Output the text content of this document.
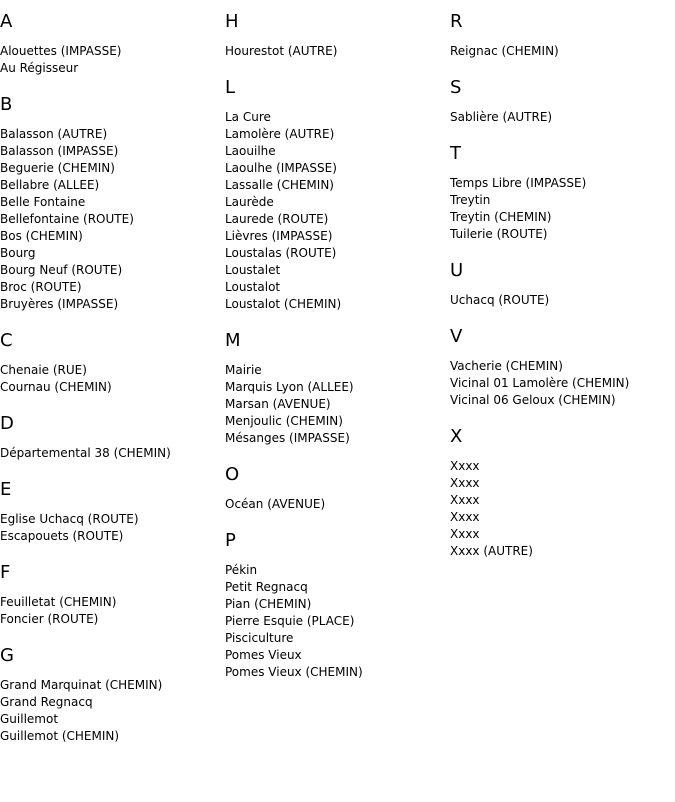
A
Alouettes (IMPASSE)
Au Régisseur
B
Balasson (AUTRE)
Balasson (IMPASSE)
Beguerie (CHEMIN)
Bellabre (ALLEE)
Belle Fontaine
Bellefontaine (ROUTE)
Bos (CHEMIN)
Bourg
Bourg Neuf (ROUTE)
Broc (ROUTE)
Bruyères (IMPASSE)
C
Chenaie (RUE)
Cournau (CHEMIN)
D
Départemental 38 (CHEMIN)
E
Eglise Uchacq (ROUTE)
Escapouets (ROUTE)
F
Feuilletat (CHEMIN)
Foncier (ROUTE)
G
Grand Marquinat (CHEMIN)
Grand Regnacq
Guillemot
Guillemot (CHEMIN)
H
Hourestot (AUTRE)
L
La Cure
Lamolère (AUTRE)
Laouilhe
Laoulhe (IMPASSE)
Lassalle (CHEMIN)
Laurède
Laurede (ROUTE)
Lièvres (IMPASSE)
Loustalas (ROUTE)
Loustalet
Loustalot
Loustalot (CHEMIN)
M
Mairie
Marquis Lyon (ALLEE)
Marsan (AVENUE)
Menjoulic (CHEMIN)
Mésanges (IMPASSE)
O
Océan (AVENUE)
P
Pékin
Petit Regnacq
Pian (CHEMIN)
Pierre Esquie (PLACE)
Pisciculture
Pomes Vieux
Pomes Vieux (CHEMIN)
R
Reignac (CHEMIN)
S
Sablière (AUTRE)
T
Temps Libre (IMPASSE)
Treytin
Treytin (CHEMIN)
Tuilerie (ROUTE)
U
Uchacq (ROUTE)
V
Vacherie (CHEMIN)
Vicinal 01 Lamolère (CHEMIN)
Vicinal 06 Geloux (CHEMIN)
X
Xxxx
Xxxx
Xxxx
Xxxx
Xxxx
Xxxx (AUTRE)
